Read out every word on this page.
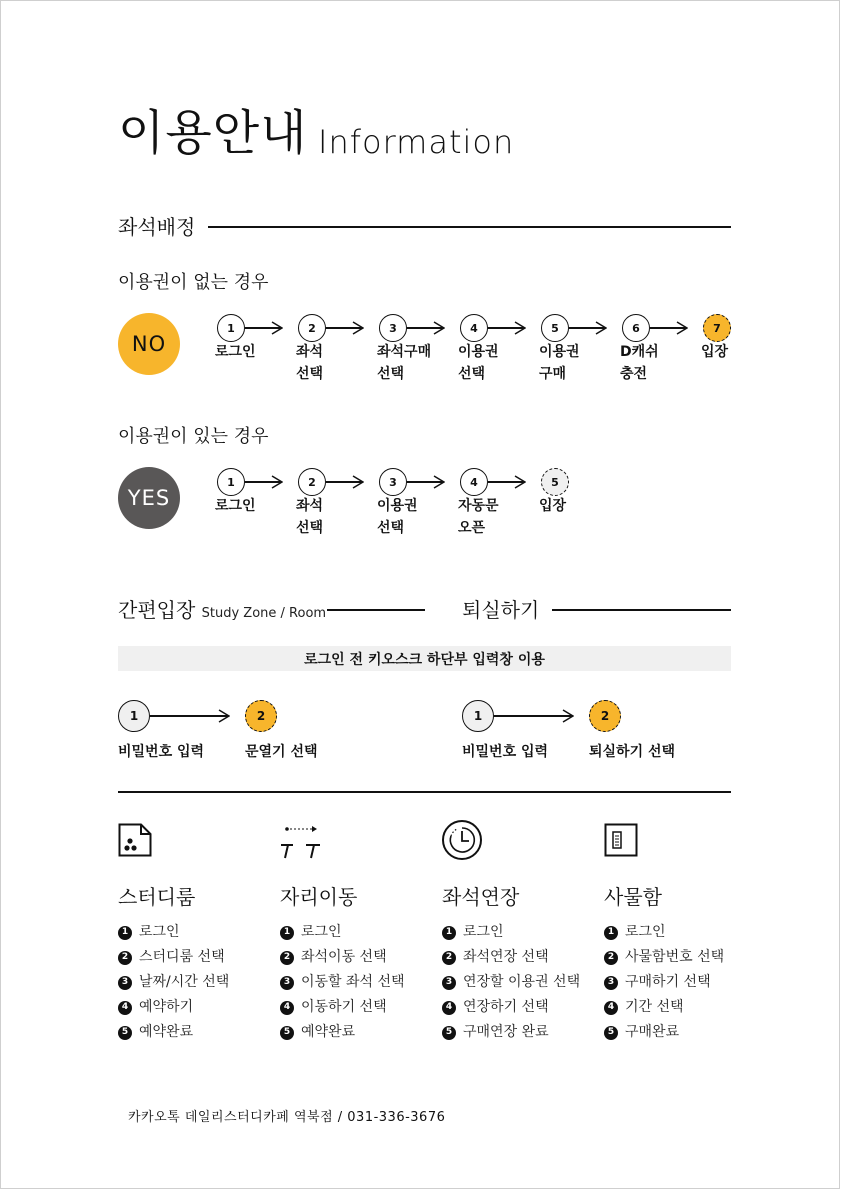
이용안내 Information
좌석배정
이용권이 없는 경우
NO
1
로그인
2
좌석
선택
3
좌석구매
선택
4
이용권
선택
5
이용권
구매
6
D캐쉬
충전
7
입장
이용권이 있는 경우
YES
1
로그인
2
좌석
선택
3
이용권
선택
4
자동문
오픈
5
입장
간편입장 Study Zone / Room	퇴실하기
로그인 전 키오스크 하단부 입력창 이용
1	2
비밀번호 입력	문열기 선택
1	2
비밀번호 입력	퇴실하기 선택
스터디룸
1 로그인
2 스터디룸 선택
3 날짜/시간 선택
4 예약하기
5 예약완료
자리이동
1 로그인
2 좌석이동 선택
3 이동할 좌석 선택
4 이동하기 선택
5 예약완료
좌석연장
1 로그인
2 좌석연장 선택
3 연장할 이용권 선택
4 연장하기 선택
5 구매연장 완료
사물함
1 로그인
2 사물함번호 선택
3 구매하기 선택
4 기간 선택
5 구매완료
카카오톡 데일리스터디카페 역북점 / 031-336-3676
